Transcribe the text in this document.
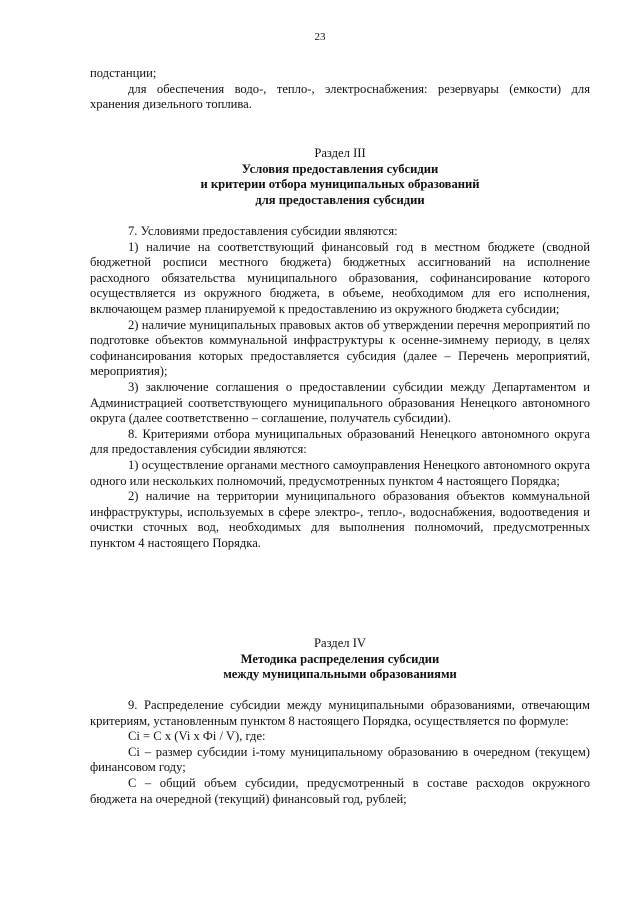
23

подстанции;

для обеспечения водо-, тепло-, электроснабжения: резервуары (емкости) для хранения дизельного топлива.

Раздел III

Условия предоставления субсидии

и критерии отбора муниципальных образований

для предоставления субсидии

7. Условиями предоставления субсидии являются:

1) наличие на соответствующий финансовый год в местном бюджете (сводной бюджетной росписи местного бюджета) бюджетных ассигнований на исполнение расходного обязательства муниципального образования, софинансирование которого осуществляется из окружного бюджета, в объеме, необходимом для его исполнения, включающем размер планируемой к предоставлению из окружного бюджета субсидии;

2) наличие муниципальных правовых актов об утверждении перечня мероприятий по подготовке объектов коммунальной инфраструктуры к осенне-зимнему периоду, в целях софинансирования которых предоставляется субсидия (далее – Перечень мероприятий, мероприятия);

3) заключение соглашения о предоставлении субсидии между Департаментом и Администрацией соответствующего муниципального образования Ненецкого автономного округа (далее соответственно – соглашение, получатель субсидии).

8. Критериями отбора муниципальных образований Ненецкого автономного округа для предоставления субсидии являются:

1) осуществление органами местного самоуправления Ненецкого автономного округа одного или нескольких полномочий, предусмотренных пунктом 4 настоящего Порядка;

2) наличие на территории муниципального образования объектов коммунальной инфраструктуры, используемых в сфере электро-, тепло-, водоснабжения, водоотведения и очистки сточных вод, необходимых для выполнения полномочий, предусмотренных пунктом 4 настоящего Порядка.

Раздел IV

Методика распределения субсидии

между муниципальными образованиями

9. Распределение субсидии между муниципальными образованиями, отвечающим критериям, установленным пунктом 8 настоящего Порядка, осуществляется по формуле:

Ci = C x (Vi x Фi / V), где:

Ci – размер субсидии i-тому муниципальному образованию в очередном (текущем) финансовом году;

C – общий объем субсидии, предусмотренный в составе расходов окружного бюджета на очередной (текущий) финансовый год, рублей;
